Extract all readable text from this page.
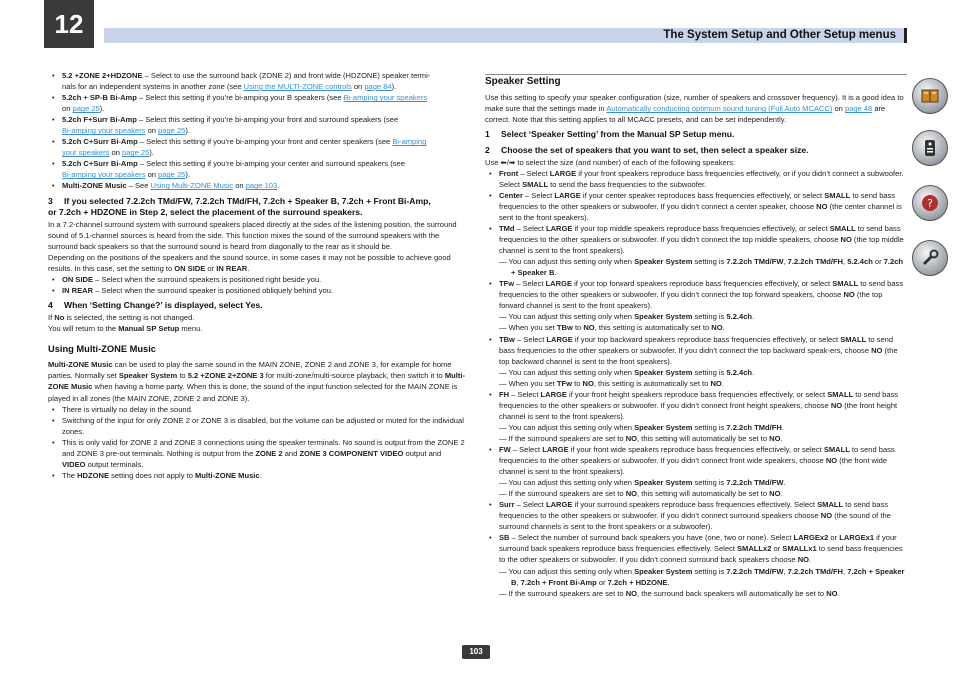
12	The System Setup and Other Setup menus

• 5.2 +ZONE 2+HDZONE – Select to use the surround back (ZONE 2) and front wide (HDZONE) speaker termi-
nals for an independent systems in another zone (see Using the MULTI-ZONE controls on page 84).

• 5.2ch + SP-B Bi-Amp – Select this setting if you’re bi-amping your B speakers (see Bi-amping your speakers
on page 25).

• 5.2ch F+Surr Bi-Amp – Select this setting if you’re bi-amping your front and surround speakers (see
Bi-amping your speakers on page 25).

• 5.2ch C+Surr Bi-Amp – Select this setting if you’re bi-amping your front and center speakers (see Bi-amping
your speakers on page 25).

• 5.2ch C+Surr Bi-Amp – Select this setting if you’re bi-amping your center and surround speakers (see
Bi-amping your speakers on page 25).

• Multi-ZONE Music – See Using Multi-ZONE Music on page 103.

3 If you selected 7.2.2ch TMd/FW, 7.2.2ch TMd/FH, 7.2ch + Speaker B, 7.2ch + Front Bi-Amp,
or 7.2ch + HDZONE in Step 2, select the placement of the surround speakers.

In a 7.2-channel surround system with surround speakers placed directly at the sides of the listening position, the surround sound of 5.1-channel sources is heard from the side. This function mixes the sound of the surround speakers with the surround back speakers so that the surround sound is heard from diagonally to the rear as it should be.

Depending on the positions of the speakers and the sound source, in some cases it may not be possible to achieve good results. In this case, set the setting to ON SIDE or IN REAR.

• ON SIDE – Select when the surround speakers is positioned right beside you.

• IN REAR – Select when the surround speaker is positioned obliquely behind you.

4 When ‘Setting Change?’ is displayed, select Yes.

If No is selected, the setting is not changed.

You will return to the Manual SP Setup menu.

Using Multi-ZONE Music

Multi-ZONE Music can be used to play the same sound in the MAIN ZONE, ZONE 2 and ZONE 3, for example for home parties. Normally set Speaker System to 5.2 +ZONE 2+ZONE 3 for multi-zone/multi-source playback, then switch it to Multi-ZONE Music when having a home party. When this is done, the sound of the input function selected for the MAIN ZONE is played in all zones (the MAIN ZONE, ZONE 2 and ZONE 3).

• There is virtually no delay in the sound.

• Switching of the input for only ZONE 2 or ZONE 3 is disabled, but the volume can be adjusted or muted for the individual zones.

• This is only valid for ZONE 2 and ZONE 3 connections using the speaker terminals. No sound is output from the ZONE 2 and ZONE 3 pre-out terminals. Nothing is output from the ZONE 2 and ZONE 3 COMPONENT VIDEO output and VIDEO output terminals.

• The HDZONE setting does not apply to Multi-ZONE Music.

Speaker Setting

Use this setting to specify your speaker configuration (size, number of speakers and crossover frequency). It is a good idea to make sure that the settings made in Automatically conducting optimum sound tuning (Full Auto MCACC) on page 48 are correct. Note that this setting applies to all MCACC presets, and can be set independently.

1 Select ‘Speaker Setting’ from the Manual SP Setup menu.

2 Choose the set of speakers that you want to set, then select a speaker size.

Use ⬅/➡ to select the size (and number) of each of the following speakers:

• Front – Select LARGE if your front speakers reproduce bass frequencies effectively, or if you didn’t connect a subwoofer. Select SMALL to send the bass frequencies to the subwoofer.

• Center – Select LARGE if your center speaker reproduces bass frequencies effectively, or select SMALL to send bass frequencies to the other speakers or subwoofer. If you didn’t connect a center speaker, choose NO (the center channel is sent to the front speakers).

• TMd – Select LARGE if your top middle speakers reproduce bass frequencies effectively, or select SMALL to send bass frequencies to the other speakers or subwoofer. If you didn’t connect the top middle speakers, choose NO (the top middle channel is sent to the front speakers).

— You can adjust this setting only when Speaker System setting is 7.2.2ch TMd/FW, 7.2.2ch TMd/FH, 5.2.4ch or 7.2ch + Speaker B.

• TFw – Select LARGE if your top forward speakers reproduce bass frequencies effectively, or select SMALL to send bass frequencies to the other speakers or subwoofer. If you didn’t connect the top forward speakers, choose NO (the top forward channel is sent to the front speakers).

— You can adjust this setting only when Speaker System setting is 5.2.4ch.

— When you set TBw to NO, this setting is automatically set to NO.

• TBw – Select LARGE if your top backward speakers reproduce bass frequencies effectively, or select SMALL to send bass frequencies to the other speakers or subwoofer. If you didn’t connect the top backward speak-ers, choose NO (the top backward channel is sent to the front speakers).

— You can adjust this setting only when Speaker System setting is 5.2.4ch.

— When you set TFw to NO, this setting is automatically set to NO.

• FH – Select LARGE if your front height speakers reproduce bass frequencies effectively, or select SMALL to send bass frequencies to the other speakers or subwoofer. If you didn’t connect front height speakers, choose NO (the front height channel is sent to the front speakers).

— You can adjust this setting only when Speaker System setting is 7.2.2ch TMd/FH.

— If the surround speakers are set to NO, this setting will automatically be set to NO.

• FW – Select LARGE if your front wide speakers reproduce bass frequencies effectively, or select SMALL to send bass frequencies to the other speakers or subwoofer. If you didn’t connect front wide speakers, choose NO (the front wide channel is sent to the front speakers).

— You can adjust this setting only when Speaker System setting is 7.2.2ch TMd/FW.

— If the surround speakers are set to NO, this setting will automatically be set to NO.

• Surr – Select LARGE if your surround speakers reproduce bass frequencies effectively. Select SMALL to send bass frequencies to the other speakers or subwoofer. If you didn’t connect surround speakers choose NO (the sound of the surround channels is sent to the front speakers or a subwoofer).

• SB – Select the number of surround back speakers you have (one, two or none). Select LARGEx2 or LARGEx1 if your surround back speakers reproduce bass frequencies effectively. Select SMALLx2 or SMALLx1 to send bass frequencies to the other speakers or subwoofer. If you didn’t connect surround back speakers choose NO.

— You can adjust this setting only when Speaker System setting is 7.2.2ch TMd/FW, 7.2.2ch TMd/FH, 7.2ch + Speaker B, 7.2ch + Front Bi-Amp or 7.2ch + HDZONE.

— If the surround speakers are set to NO, the surround back speakers will automatically be set to NO.

?
103
